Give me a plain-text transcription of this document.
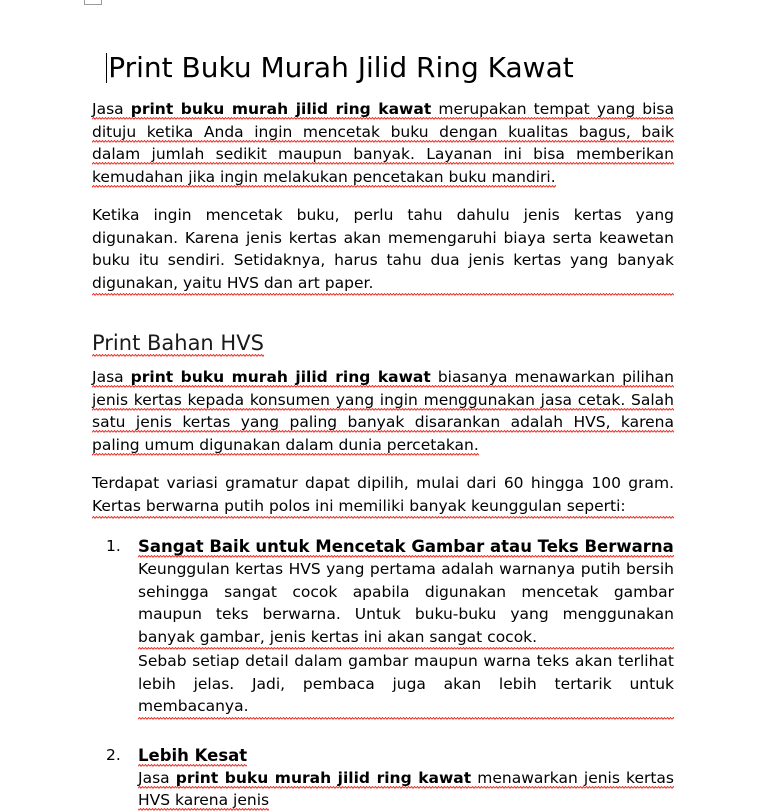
Print Buku Murah Jilid Ring Kawat

Jasa print buku murah jilid ring kawat merupakan tempat yang bisa dituju ketika Anda ingin mencetak buku dengan kualitas bagus, baik dalam jumlah sedikit maupun banyak. Layanan ini bisa memberikan kemudahan jika ingin melakukan pencetakan buku mandiri.

Ketika ingin mencetak buku, perlu tahu dahulu jenis kertas yang digunakan. Karena jenis kertas akan memengaruhi biaya serta keawetan buku itu sendiri. Setidaknya, harus tahu dua jenis kertas yang banyak digunakan, yaitu HVS dan art paper.

Print Bahan HVS

Jasa print buku murah jilid ring kawat biasanya menawarkan pilihan jenis kertas kepada konsumen yang ingin menggunakan jasa cetak. Salah satu jenis kertas yang paling banyak disarankan adalah HVS, karena paling umum digunakan dalam dunia percetakan.

Terdapat variasi gramatur dapat dipilih, mulai dari 60 hingga 100 gram. Kertas berwarna putih polos ini memiliki banyak keunggulan seperti:

1. Sangat Baik untuk Mencetak Gambar atau Teks Berwarna
Keunggulan kertas HVS yang pertama adalah warnanya putih bersih sehingga sangat cocok apabila digunakan mencetak gambar maupun teks berwarna. Untuk buku-buku yang menggunakan banyak gambar, jenis kertas ini akan sangat cocok.
Sebab setiap detail dalam gambar maupun warna teks akan terlihat lebih jelas. Jadi, pembaca juga akan lebih tertarik untuk membacanya.
2. Lebih Kesat
Jasa print buku murah jilid ring kawat menawarkan jenis kertas HVS karena jenis
